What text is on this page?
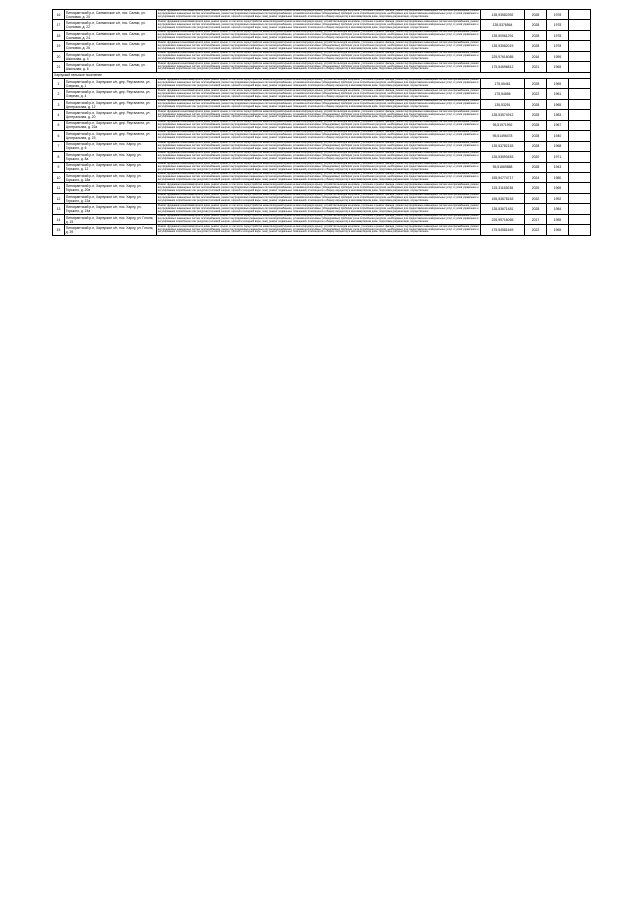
16	Питкярантский р-н, Салминское с/п, пос. Салми, ул. Сосновая, д. 20	Ремонт фундамента многоквартирного дома, ремонт крыши, в том числе переустройство невентилируемой крыши на вентилируемую крышу, устройство выходов на кровлю, утепление и ремонт фасада, ремонт внутридомовых инженерных систем электроснабжения, ремонт внутридомовых инженерных систем теплоснабжения, ремонт внутридомовых инженерных систем водоснабжения, установка коллективных (общедомовых) приборов учета потребления ресурсов, необходимых для предоставления коммунальных услуг, и узлов управления и регулирования потребления этих ресурсов (тепловой энергии, горячей и холодной воды, газа), ремонт подвальных помещений, относящихся к общему имуществу в многоквартирном доме, подготовка документации, осуществление	135,93582392	2028	1978	
17	Питкярантский р-н, Салминское с/п, пос. Салми, ул. Сосновая, д. 22	Ремонт фундамента многоквартирного дома, ремонт крыши, в том числе переустройство невентилируемой крыши на вентилируемую крышу, устройство выходов на кровлю, утепление и ремонт фасада, ремонт внутридомовых инженерных систем электроснабжения, ремонт внутридомовых инженерных систем теплоснабжения, ремонт внутридомовых инженерных систем водоснабжения, установка коллективных (общедомовых) приборов учета потребления ресурсов, необходимых для предоставления коммунальных услуг, и узлов управления и регулирования потребления этих ресурсов (тепловой энергии, горячей и холодной воды, газа), ремонт подвальных помещений, относящихся к общему имуществу в многоквартирном доме, подготовка документации, осуществление	135,5376564	2028	1978	
18	Питкярантский р-н, Салминское с/п, пос. Салми, ул. Сосновая, д. 24	Ремонт фундамента многоквартирного дома, ремонт крыши, в том числе переустройство невентилируемой крыши на вентилируемую крышу, устройство выходов на кровлю, утепление и ремонт фасада, ремонт внутридомовых инженерных систем электроснабжения, ремонт внутридомовых инженерных систем теплоснабжения, ремонт внутридомовых инженерных систем водоснабжения, установка коллективных (общедомовых) приборов учета потребления ресурсов, необходимых для предоставления коммунальных услуг, и узлов управления и регулирования потребления этих ресурсов (тепловой энергии, горячей и холодной воды, газа), ремонт подвальных помещений, относящихся к общему имуществу в многоквартирном доме, подготовка документации, осуществление	135,50961291	2028	1978	
19	Питкярантский р-н, Салминское с/п, пос. Салми, ул. Сосновая, д. 26	Ремонт фундамента многоквартирного дома, ремонт крыши, в том числе переустройство невентилируемой крыши на вентилируемую крышу, устройство выходов на кровлю, утепление и ремонт фасада, ремонт внутридомовых инженерных систем электроснабжения, ремонт внутридомовых инженерных систем теплоснабжения, ремонт внутридомовых инженерных систем водоснабжения, установка коллективных (общедомовых) приборов учета потребления ресурсов, необходимых для предоставления коммунальных услуг, и узлов управления и регулирования потребления этих ресурсов (тепловой энергии, горячей и холодной воды, газа), ремонт подвальных помещений, относящихся к общему имуществу в многоквартирном доме, подготовка документации, осуществление	135,93582019	2028	1978	
20	Питкярантский р-н, Салминское с/п, пос. Салми, ул. Школьная, д. 4	Ремонт фундамента многоквартирного дома, ремонт крыши, в том числе переустройство невентилируемой крыши на вентилируемую крышу, устройство выходов на кровлю, утепление и ремонт фасада, ремонт внутридомовых инженерных систем электроснабжения, ремонт внутридомовых инженерных систем теплоснабжения, ремонт внутридомовых инженерных систем водоснабжения, установка коллективных (общедомовых) приборов учета потребления ресурсов, необходимых для предоставления коммунальных услуг, и узлов управления и регулирования потребления этих ресурсов (тепловой энергии, горячей и холодной воды, газа), ремонт подвальных помещений, относящихся к общему имуществу в многоквартирном доме, подготовка документации, осуществление	225,97616085	2016	1959	
21	Питкярантский р-н, Салминское с/п, пос. Салми, ул. Школьная, д. 6	Ремонт фундамента многоквартирного дома, ремонт крыши, в том числе переустройство невентилируемой крыши на вентилируемую крышу, устройство выходов на кровлю, утепление и ремонт фасада, ремонт внутридомовых инженерных систем электроснабжения, ремонт внутридомовых инженерных систем теплоснабжения, ремонт внутридомовых инженерных систем водоснабжения, установка коллективных (общедомовых) приборов учета потребления ресурсов, необходимых для предоставления коммунальных услуг, и узлов управления и регулирования потребления этих ресурсов (тепловой энергии, горячей и холодной воды, газа), ремонт подвальных помещений, относящихся к общему имуществу в многоквартирном доме, подготовка документации, осуществление	175,54696812	2021	1965	
Харлуский сельское поселение						
1	Питкярантский р-н, Харлуское с/п, дер. Рауталахти, ул. Озерная, д. 1	Ремонт фундамента многоквартирного дома, ремонт крыши, в том числе переустройство невентилируемой крыши на вентилируемую крышу, устройство выходов на кровлю, утепление и ремонт фасада, ремонт внутридомовых инженерных систем электроснабжения, ремонт внутридомовых инженерных систем теплоснабжения, ремонт внутридомовых инженерных систем водоснабжения, установка коллективных (общедомовых) приборов учета потребления ресурсов, необходимых для предоставления коммунальных услуг, и узлов управления и регулирования потребления этих ресурсов (тепловой энергии, горячей и холодной воды, газа), ремонт подвальных помещений, относящихся к общему имуществу в многоквартирном доме, подготовка документации, осуществление	175,65461	2028	1965	
2	Питкярантский р-н, Харлуское с/п, дер. Рауталахти, ул. Озерная, д. 4	Ремонт фундамента многоквартирного дома, ремонт крыши, в том числе переустройство невентилируемой крыши на вентилируемую крышу, устройство выходов на кровлю, утепление и ремонт фасада, ремонт внутридомовых инженерных систем электроснабжения, ремонт внутридомовых инженерных систем теплоснабжения, ремонт внутридомовых инженерных систем водоснабжения, установка коллективных (общедомовых) приборов учета потребления ресурсов, необходимых для предоставления коммунальных услуг, и узлов управления и регулирования потребления этих ресурсов (тепловой энергии, горячей и холодной воды, газа), ремонт подвальных помещений, относящихся к общему имуществу в многоквартирном доме, подготовка документации, осуществление	175,54656	2022	1961	
3	Питкярантский р-н, Харлуское с/п, дер. Рауталахти, ул. Центральная, д. 12	Ремонт фундамента многоквартирного дома, ремонт крыши, в том числе переустройство невентилируемой крыши на вентилируемую крышу, устройство выходов на кровлю, утепление и ремонт фасада, ремонт внутридомовых инженерных систем электроснабжения, ремонт внутридомовых инженерных систем теплоснабжения, ремонт внутридомовых инженерных систем водоснабжения, установка коллективных (общедомовых) приборов учета потребления ресурсов, необходимых для предоставления коммунальных услуг, и узлов управления и регулирования потребления этих ресурсов (тепловой энергии, горячей и холодной воды, газа), ремонт подвальных помещений, относящихся к общему имуществу в многоквартирном доме, подготовка документации, осуществление	135,53251	2028	1965	
4	Питкярантский р-н, Харлуское с/п, дер. Рауталахти, ул. Центральная, д. 20	Ремонт фундамента многоквартирного дома, ремонт крыши, в том числе переустройство невентилируемой крыши на вентилируемую крышу, устройство выходов на кровлю, утепление и ремонт фасада, ремонт внутридомовых инженерных систем электроснабжения, ремонт внутридомовых инженерных систем теплоснабжения, ремонт внутридомовых инженерных систем водоснабжения, установка коллективных (общедомовых) приборов учета потребления ресурсов, необходимых для предоставления коммунальных услуг, и узлов управления и регулирования потребления этих ресурсов (тепловой энергии, горячей и холодной воды, газа), ремонт подвальных помещений, относящихся к общему имуществу в многоквартирном доме, подготовка документации, осуществление	135,53574912	2028	1983	
5	Питкярантский р-н, Харлуское с/п, дер. Рауталахти, ул. Центральная, д. 22а	Ремонт фундамента многоквартирного дома, ремонт крыши, в том числе переустройство невентилируемой крыши на вентилируемую крышу, устройство выходов на кровлю, утепление и ремонт фасада, ремонт внутридомовых инженерных систем электроснабжения, ремонт внутридомовых инженерных систем теплоснабжения, ремонт внутридомовых инженерных систем водоснабжения, установка коллективных (общедомовых) приборов учета потребления ресурсов, необходимых для предоставления коммунальных услуг, и узлов управления и регулирования потребления этих ресурсов (тепловой энергии, горячей и холодной воды, газа), ремонт подвальных помещений, относящихся к общему имуществу в многоквартирном доме, подготовка документации, осуществление	95,51971992	2028	1967	
6	Питкярантский р-н, Харлуское с/п, дер. Рауталахти, ул. Центральная, д. 23	Ремонт фундамента многоквартирного дома, ремонт крыши, в том числе переустройство невентилируемой крыши на вентилируемую крышу, устройство выходов на кровлю, утепление и ремонт фасада, ремонт внутридомовых инженерных систем электроснабжения, ремонт внутридомовых инженерных систем теплоснабжения, ремонт внутридомовых инженерных систем водоснабжения, установка коллективных (общедомовых) приборов учета потребления ресурсов, необходимых для предоставления коммунальных услуг, и узлов управления и регулирования потребления этих ресурсов (тепловой энергии, горячей и холодной воды, газа), ремонт подвальных помещений, относящихся к общему имуществу в многоквартирном доме, подготовка документации, осуществление	95,51496478	2028	1940	
7	Питкярантский р-н, Харлуское с/п, пос. Харлу, ул. Горького, д. 6	Ремонт фундамента многоквартирного дома, ремонт крыши, в том числе переустройство невентилируемой крыши на вентилируемую крышу, устройство выходов на кровлю, утепление и ремонт фасада, ремонт внутридомовых инженерных систем электроснабжения, ремонт внутридомовых инженерных систем теплоснабжения, ремонт внутридомовых инженерных систем водоснабжения, установка коллективных (общедомовых) приборов учета потребления ресурсов, необходимых для предоставления коммунальных услуг, и узлов управления и регулирования потребления этих ресурсов (тепловой энергии, горячей и холодной воды, газа), ремонт подвальных помещений, относящихся к общему имуществу в многоквартирном доме, подготовка документации, осуществление	135,53782153	2028	1968	
8	Питкярантский р-н, Харлуское с/п, пос. Харлу, ул. Горького, д. 8а	Ремонт фундамента многоквартирного дома, ремонт крыши, в том числе переустройство невентилируемой крыши на вентилируемую крышу, устройство выходов на кровлю, утепление и ремонт фасада, ремонт внутридомовых инженерных систем электроснабжения, ремонт внутридомовых инженерных систем теплоснабжения, ремонт внутридомовых инженерных систем водоснабжения, установка коллективных (общедомовых) приборов учета потребления ресурсов, необходимых для предоставления коммунальных услуг, и узлов управления и регулирования потребления этих ресурсов (тепловой энергии, горячей и холодной воды, газа), ремонт подвальных помещений, относящихся к общему имуществу в многоквартирном доме, подготовка документации, осуществление	135,53590453	2020	1971	
9	Питкярантский р-н, Харлуское с/п, пос. Харлу, ул. Горького, д. 12	Ремонт фундамента многоквартирного дома, ремонт крыши, в том числе переустройство невентилируемой крыши на вентилируемую крышу, устройство выходов на кровлю, утепление и ремонт фасада, ремонт внутридомовых инженерных систем электроснабжения, ремонт внутридомовых инженерных систем теплоснабжения, ремонт внутридомовых инженерных систем водоснабжения, установка коллективных (общедомовых) приборов учета потребления ресурсов, необходимых для предоставления коммунальных услуг, и узлов управления и регулирования потребления этих ресурсов (тепловой энергии, горячей и холодной воды, газа), ремонт подвальных помещений, относящихся к общему имуществу в многоквартирном доме, подготовка документации, осуществление	95,51869888	2028	1943	
10	Питкярантский р-н, Харлуское с/п, пос. Харлу, ул. Горького, д. 18а	Ремонт фундамента многоквартирного дома, ремонт крыши, в том числе переустройство невентилируемой крыши на вентилируемую крышу, устройство выходов на кровлю, утепление и ремонт фасада, ремонт внутридомовых инженерных систем электроснабжения, ремонт внутридомовых инженерных систем теплоснабжения, ремонт внутридомовых инженерных систем водоснабжения, установка коллективных (общедомовых) приборов учета потребления ресурсов, необходимых для предоставления коммунальных услуг, и узлов управления и регулирования потребления этих ресурсов (тепловой энергии, горячей и холодной воды, газа), ремонт подвальных помещений, относящихся к общему имуществу в многоквартирном доме, подготовка документации, осуществление	155,54774717	2024	1980	
11	Питкярантский р-н, Харлуское с/п, пос. Харлу, ул. Горького, д. 20а	Ремонт фундамента многоквартирного дома, ремонт крыши, в том числе переустройство невентилируемой крыши на вентилируемую крышу, устройство выходов на кровлю, утепление и ремонт фасада, ремонт внутридомовых инженерных систем электроснабжения, ремонт внутридомовых инженерных систем теплоснабжения, ремонт внутридомовых инженерных систем водоснабжения, установка коллективных (общедомовых) приборов учета потребления ресурсов, необходимых для предоставления коммунальных услуг, и узлов управления и регулирования потребления этих ресурсов (тепловой энергии, горячей и холодной воды, газа), ремонт подвальных помещений, относящихся к общему имуществу в многоквартирном доме, подготовка документации, осуществление	115,31163038	2025	1969	
12	Питкярантский р-н, Харлуское с/п, пос. Харлу, ул. Горького, д. 22а	Ремонт фундамента многоквартирного дома, ремонт крыши, в том числе переустройство невентилируемой крыши на вентилируемую крышу, устройство выходов на кровлю, утепление и ремонт фасада, ремонт внутридомовых инженерных систем электроснабжения, ремонт внутридомовых инженерных систем теплоснабжения, ремонт внутридомовых инженерных систем водоснабжения, установка коллективных (общедомовых) приборов учета потребления ресурсов, необходимых для предоставления коммунальных услуг, и узлов управления и регулирования потребления этих ресурсов (тепловой энергии, горячей и холодной воды, газа), ремонт подвальных помещений, относящихся к общему имуществу в многоквартирном доме, подготовка документации, осуществление	155,53678163	2032	1992	
13	Питкярантский р-н, Харлуское с/п, пос. Харлу, ул. Горького, д. 24а	Ремонт фундамента многоквартирного дома, ремонт крыши, в том числе переустройство невентилируемой крыши на вентилируемую крышу, устройство выходов на кровлю, утепление и ремонт фасада, ремонт внутридомовых инженерных систем электроснабжения, ремонт внутридомовых инженерных систем теплоснабжения, ремонт внутридомовых инженерных систем водоснабжения, установка коллективных (общедомовых) приборов учета потребления ресурсов, необходимых для предоставления коммунальных услуг, и узлов управления и регулирования потребления этих ресурсов (тепловой энергии, горячей и холодной воды, газа), ремонт подвальных помещений, относящихся к общему имуществу в многоквартирном доме, подготовка документации, осуществление	135,53671481	2028	1984	
14	Питкярантский р-н, Харлуское с/п, пос. Харлу, ул. Гоголя, д. 19	Ремонт фундамента многоквартирного дома, ремонт крыши, в том числе переустройство невентилируемой крыши на вентилируемую крышу, устройство выходов на кровлю, утепление и ремонт фасада, ремонт внутридомовых инженерных систем электроснабжения, ремонт внутридомовых инженерных систем теплоснабжения, ремонт внутридомовых инженерных систем водоснабжения, установка коллективных (общедомовых) приборов учета потребления ресурсов, необходимых для предоставления коммунальных услуг, и узлов управления и регулирования потребления этих ресурсов (тепловой энергии, горячей и холодной воды, газа), ремонт подвальных помещений, относящихся к общему имуществу в многоквартирном доме, подготовка документации, осуществление	225,99716065	2017	1955	
15	Питкярантский р-н, Харлуское с/п, пос. Харлу, ул. Гоголя, д. 39	Ремонт фундамента многоквартирного дома, ремонт крыши, в том числе переустройство невентилируемой крыши на вентилируемую крышу, устройство выходов на кровлю, утепление и ремонт фасада, ремонт внутридомовых инженерных систем электроснабжения, ремонт внутридомовых инженерных систем теплоснабжения, ремонт внутридомовых инженерных систем водоснабжения, установка коллективных (общедомовых) приборов учета потребления ресурсов, необходимых для предоставления коммунальных услуг, и узлов управления и регулирования потребления этих ресурсов (тепловой энергии, горячей и холодной воды, газа), ремонт подвальных помещений, относящихся к общему имуществу в многоквартирном доме, подготовка документации, осуществление	175,54581649	2022	1965	
